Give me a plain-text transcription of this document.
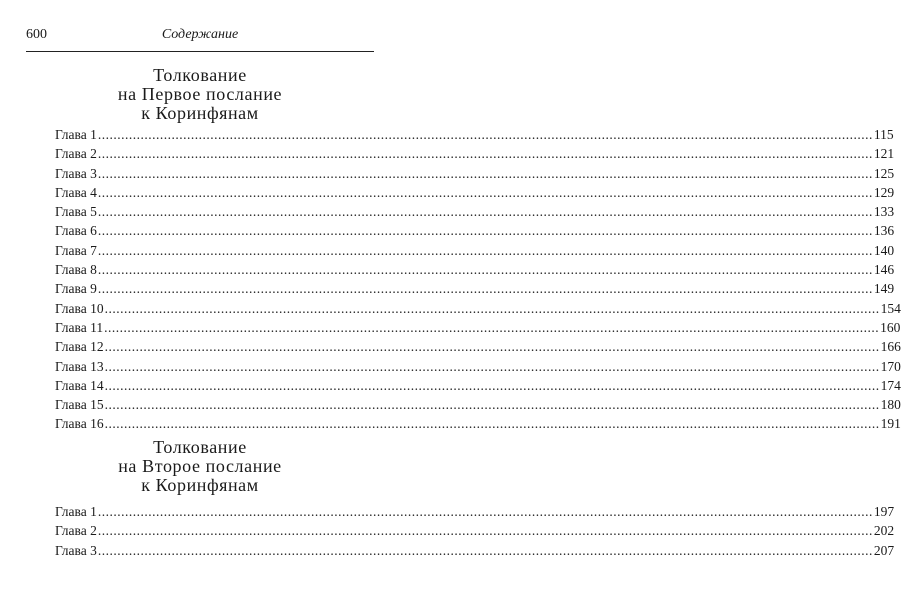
600	Содержание
Толкование
на Первое послание
к Коринфянам
Глава 1 ........................................................................................................................................................................................................ 115
Глава 2 ........................................................................................................................................................................................................ 121
Глава 3 ........................................................................................................................................................................................................ 125
Глава 4 ........................................................................................................................................................................................................ 129
Глава 5 ........................................................................................................................................................................................................ 133
Глава 6 ........................................................................................................................................................................................................ 136
Глава 7 ........................................................................................................................................................................................................ 140
Глава 8 ........................................................................................................................................................................................................ 146
Глава 9 ........................................................................................................................................................................................................ 149
Глава 10 ........................................................................................................................................................................................................ 154
Глава 11 ........................................................................................................................................................................................................ 160
Глава 12 ........................................................................................................................................................................................................ 166
Глава 13 ........................................................................................................................................................................................................ 170
Глава 14 ........................................................................................................................................................................................................ 174
Глава 15 ........................................................................................................................................................................................................ 180
Глава 16 ........................................................................................................................................................................................................ 191
Толкование
на Второе послание
к Коринфянам
Глава 1 ........................................................................................................................................................................................................ 197
Глава 2 ........................................................................................................................................................................................................ 202
Глава 3 ........................................................................................................................................................................................................ 207
